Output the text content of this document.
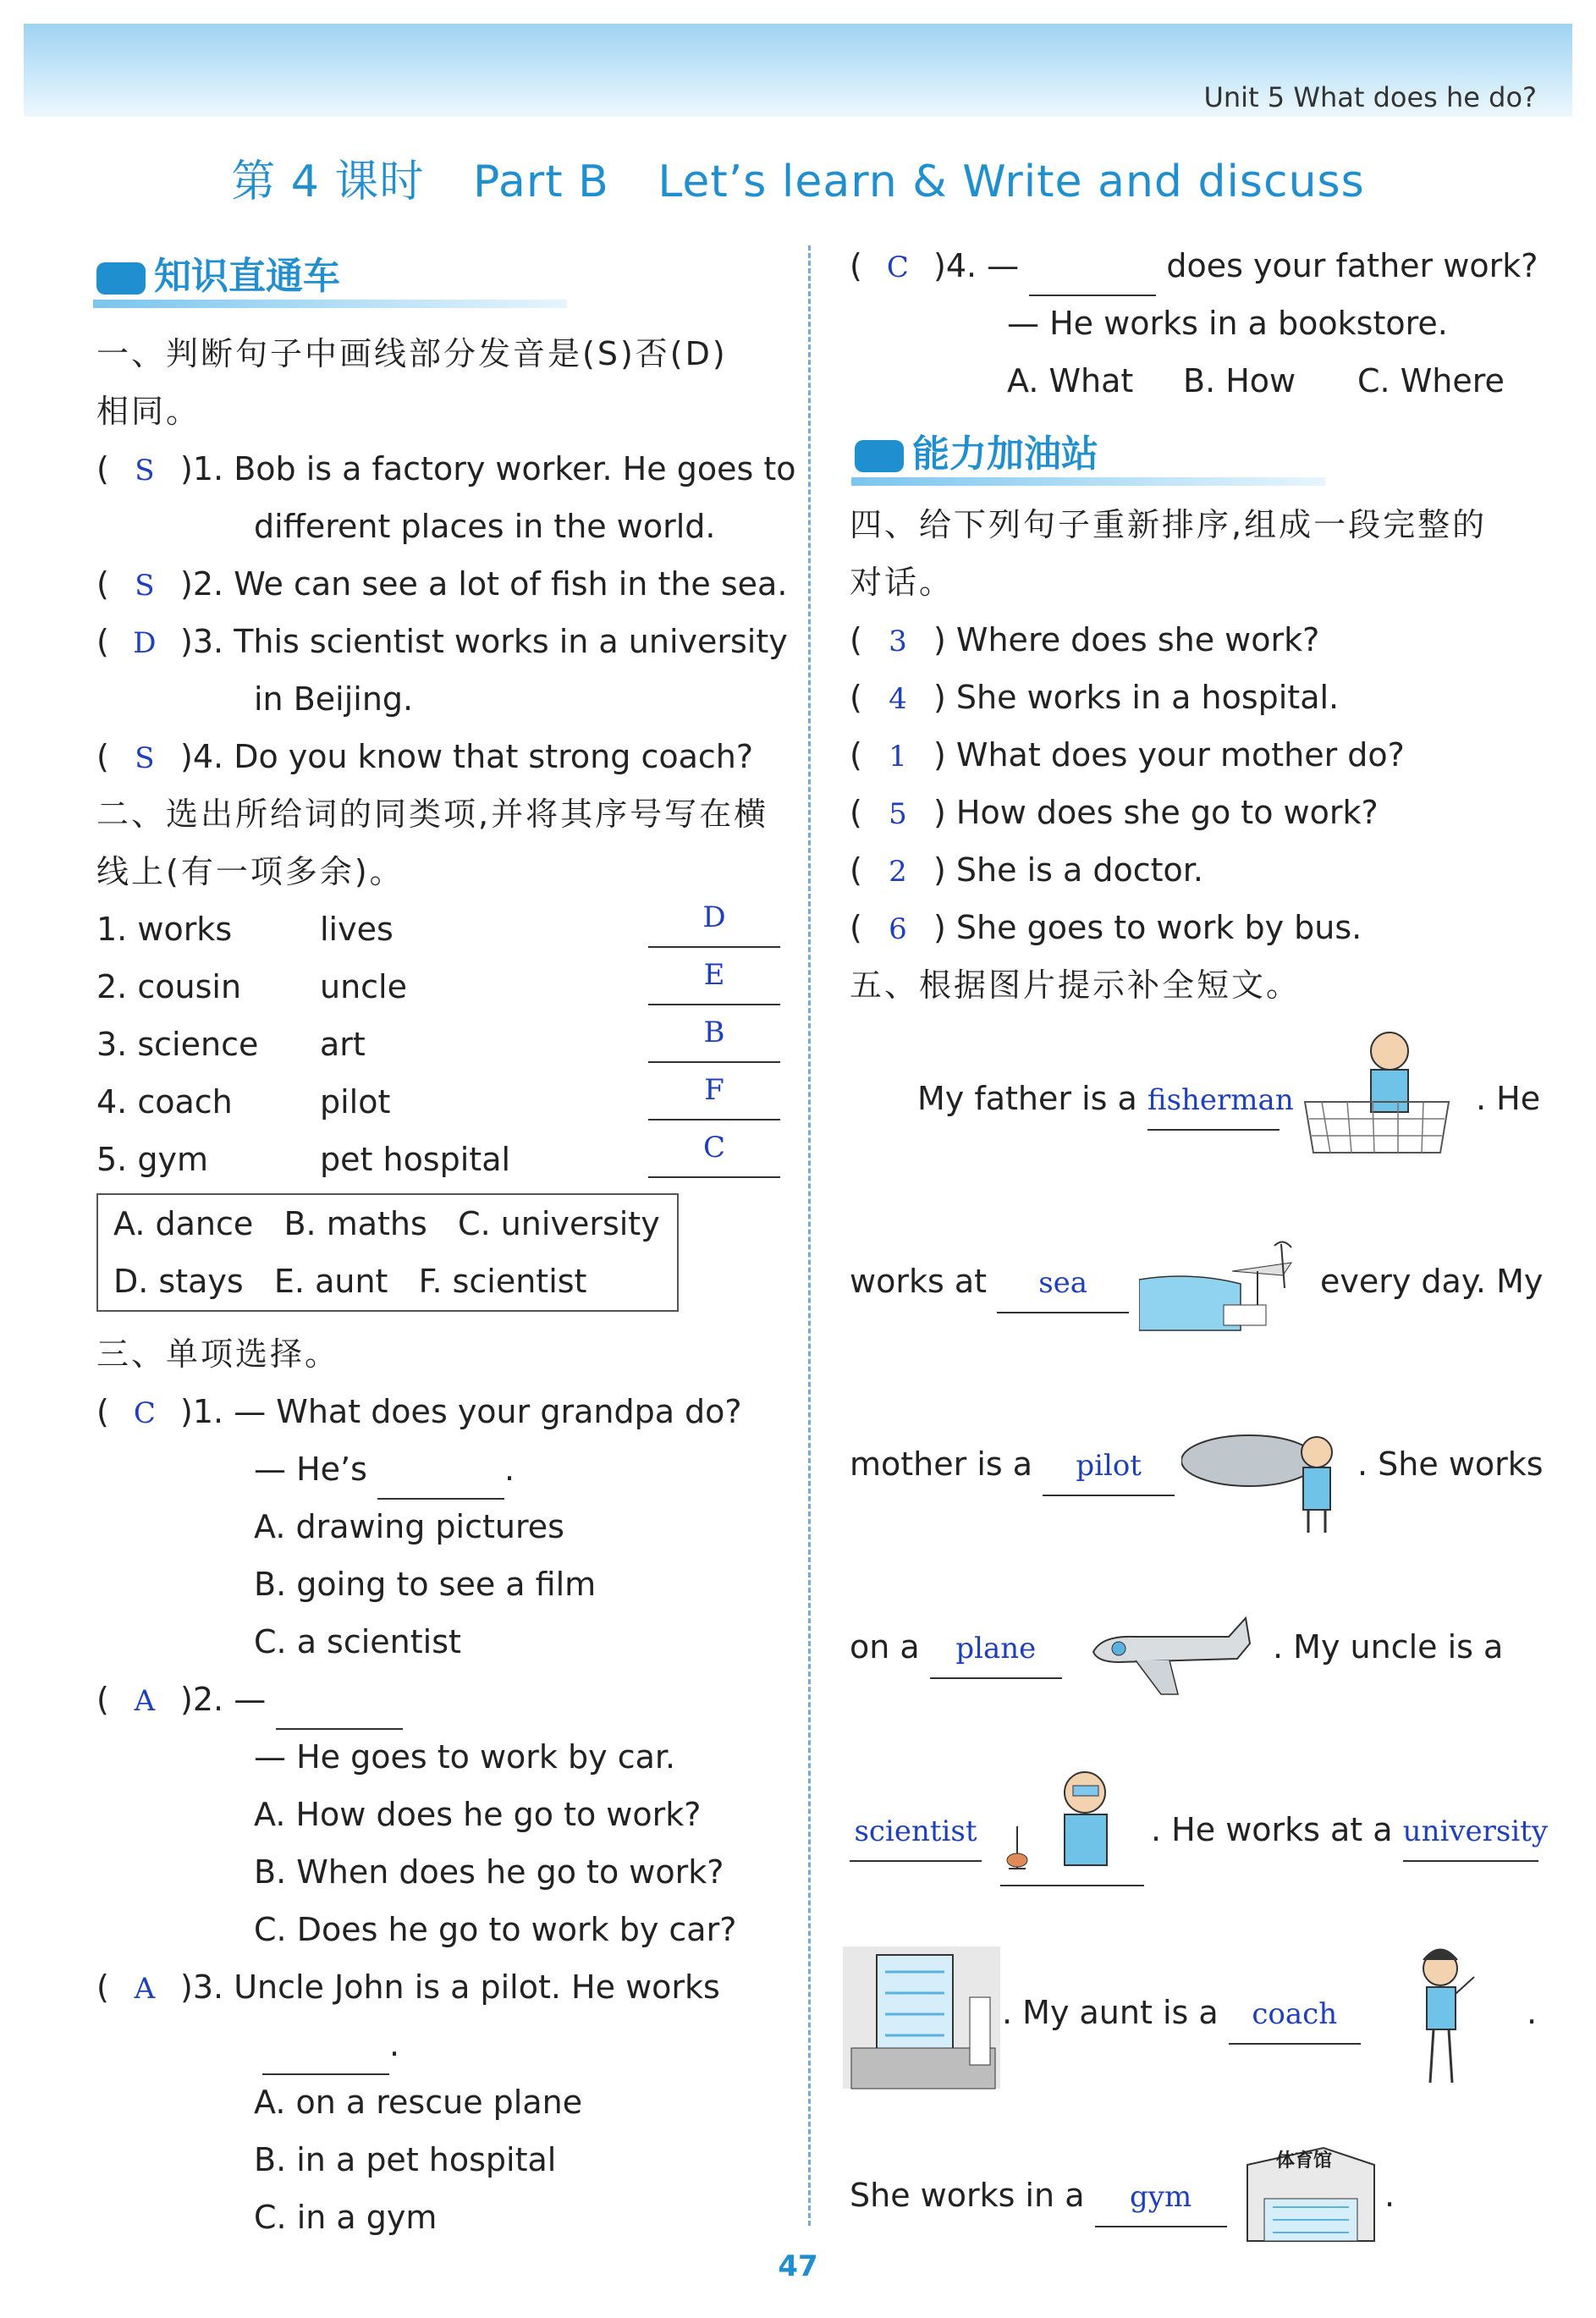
Unit 5 What does he do?
第 4 课时 Part B Let’s learn & Write and discuss
知识直通车
一、判断句子中画线部分发音是(S)否(D)
相同。
( S )1. Bob is a factory worker. He goes to
different places in the world.
( S )2. We can see a lot of fish in the sea.
( D )3. This scientist works in a university
in Beijing.
( S )4. Do you know that strong coach?
二、选出所给词的同类项,并将其序号写在横
线上(有一项多余)。
1. works	lives	D
2. cousin uncle	E
3. science art	B
4. coach	pilot	F
5. gym	pet hospital	C
A. dance   B. maths   C. university
D. stays   E. aunt   F. scientist
三、单项选择。
( C )1. — What does your grandpa do?
— He’s	.
A. drawing pictures
B. going to see a film
C. a scientist
( A )2. —
— He goes to work by car.
A. How does he go to work?
B. When does he go to work?
C. Does he go to work by car?
( A )3. Uncle John is a pilot. He works
.
A. on a rescue plane
B. in a pet hospital
C. in a gym
( C )4. —	does your father work?
— He works in a bookstore.
A. What B. How C. Where
能力加油站
四、给下列句子重新排序,组成一段完整的
对话。
( 3 ) Where does she work?
( 4 ) She works in a hospital.
( 1 ) What does your mother do?
( 5 ) How does she go to work?
( 2 ) She is a doctor.
( 6 ) She goes to work by bus.
五、根据图片提示补全短文。
My father is a fisherman	. He
works at sea	every day. My
mother is a pilot	. She works
on a plane	. My uncle is a
scientist	. He works at a university
. My aunt is a coach	.
She works in a gym	.
体育馆
47
